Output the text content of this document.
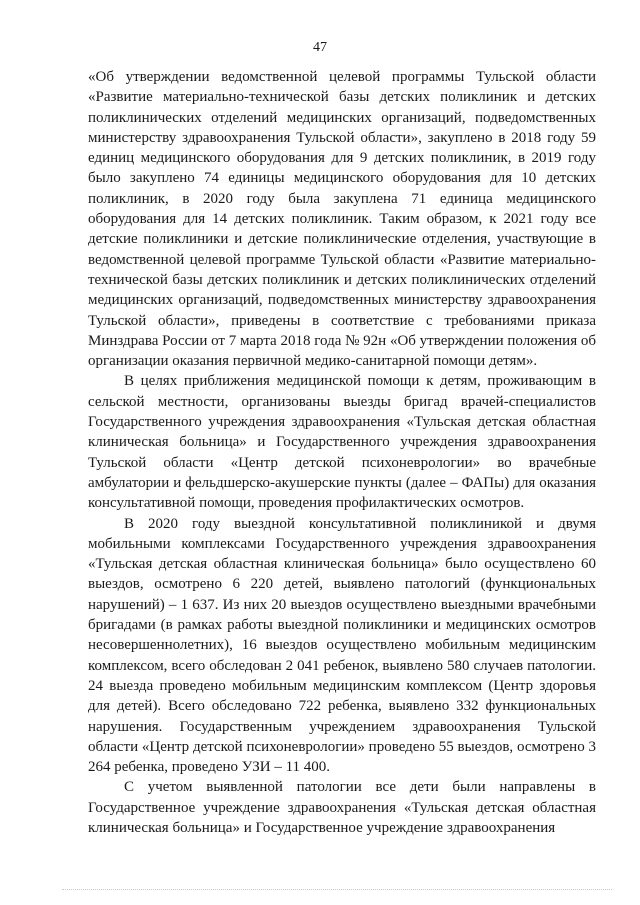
47

«Об утверждении ведомственной целевой программы Тульской области «Развитие материально-технической базы детских поликлиник и детских поликлинических отделений медицинских организаций, подведомственных министерству здравоохранения Тульской области», закуплено в 2018 году 59 единиц медицинского оборудования для 9 детских поликлиник, в 2019 году было закуплено 74 единицы медицинского оборудования для 10 детских поликлиник, в 2020 году была закуплена 71 единица медицинского оборудования для 14 детских поликлиник. Таким образом, к 2021 году все детские поликлиники и детские поликлинические отделения, участвующие в ведомственной целевой программе Тульской области «Развитие материально-технической базы детских поликлиник и детских поликлинических отделений медицинских организаций, подведомственных министерству здравоохранения Тульской области», приведены в соответствие с требованиями приказа Минздрава России от 7 марта 2018 года № 92н «Об утверждении положения об организации оказания первичной медико-санитарной помощи детям».

В целях приближения медицинской помощи к детям, проживающим в сельской местности, организованы выезды бригад врачей-специалистов Государственного учреждения здравоохранения «Тульская детская областная клиническая больница» и Государственного учреждения здравоохранения Тульской области «Центр детской психоневрологии» во врачебные амбулатории и фельдшерско-акушерские пункты (далее – ФАПы) для оказания консультативной помощи, проведения профилактических осмотров.

В 2020 году выездной консультативной поликлиникой и двумя мобильными комплексами Государственного учреждения здравоохранения «Тульская детская областная клиническая больница» было осуществлено 60 выездов, осмотрено 6 220 детей, выявлено патологий (функциональных нарушений) – 1 637. Из них 20 выездов осуществлено выездными врачебными бригадами (в рамках работы выездной поликлиники и медицинских осмотров несовершеннолетних), 16 выездов осуществлено мобильным медицинским комплексом, всего обследован 2 041 ребенок, выявлено 580 случаев патологии. 24 выезда проведено мобильным медицинским комплексом (Центр здоровья для детей). Всего обследовано 722 ребенка, выявлено 332 функциональных нарушения. Государственным учреждением здравоохранения Тульской области «Центр детской психоневрологии» проведено 55 выездов, осмотрено 3 264 ребенка, проведено УЗИ – 11 400.

С учетом выявленной патологии все дети были направлены в Государственное учреждение здравоохранения «Тульская детская областная клиническая больница» и Государственное учреждение здравоохранения
